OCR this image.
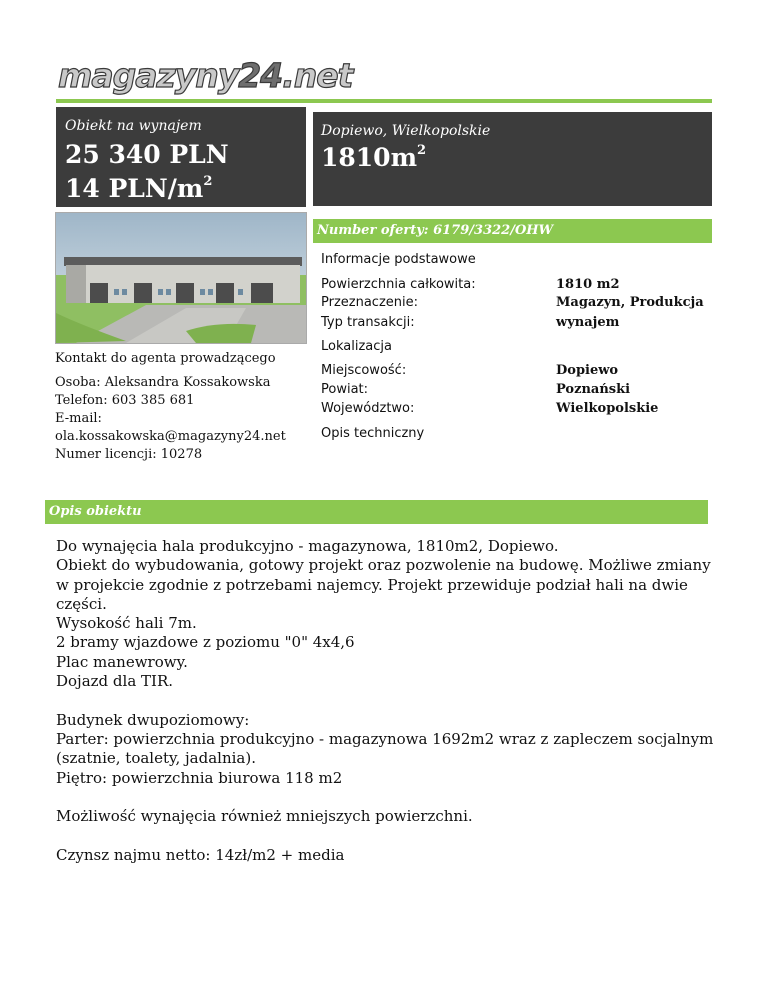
magazyny24.net
Obiekt na wynajem
25 340 PLN
14 PLN/$m^2$
Dopiewo, Wielkopolskie
$1810m^2$
Number oferty: 6179/3322/OHW
Informacje podstawowe
Powierzchnia całkowita:	1810 m2
Przeznaczenie:	Magazyn, Produkcja
Typ transakcji:	wynajem
Lokalizacja
Miejscowość:	Dopiewo
Powiat:	Poznański
Województwo:	Wielkopolskie
Opis techniczny
Kontakt do agenta prowadzącego
Osoba: Aleksandra Kossakowska
Telefon: 603 385 681
E-mail:
ola.kossakowska@magazyny24.net
Numer licencji: 10278
Opis obiektu

Do wynajęcia hala produkcyjno - magazynowa, 1810m2, Dopiewo.

Obiekt do wybudowania, gotowy projekt oraz pozwolenie na budowę. Możliwe zmiany

w projekcie zgodnie z potrzebami najemcy. Projekt przewiduje podział hali na dwie

części.

Wysokość hali 7m.

2 bramy wjazdowe z poziomu "0" 4x4,6

Plac manewrowy.

Dojazd dla TIR.

Budynek dwupoziomowy:

Parter: powierzchnia produkcyjno - magazynowa 1692m2 wraz z zapleczem socjalnym

(szatnie, toalety, jadalnia).

Piętro: powierzchnia biurowa 118 m2

Możliwość wynajęcia również mniejszych powierzchni.

Czynsz najmu netto: 14zł/m2 + media
